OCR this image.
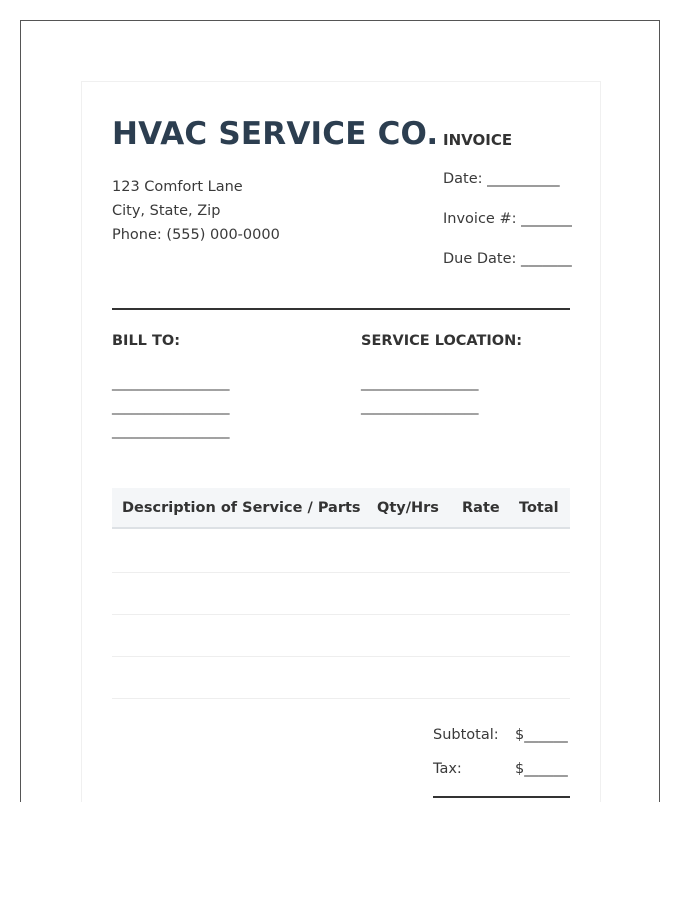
HVAC SERVICE CO.
123 Comfort Lane
City, State, Zip
Phone: (555) 000-0000
INVOICE
Date: __________
Invoice #: _______
Due Date: _______
BILL TO:
__________________
__________________
__________________
SERVICE LOCATION:
__________________
__________________
Description of Service / Parts Qty/Hrs Rate Total
Subtotal: $______
Tax:	$______
